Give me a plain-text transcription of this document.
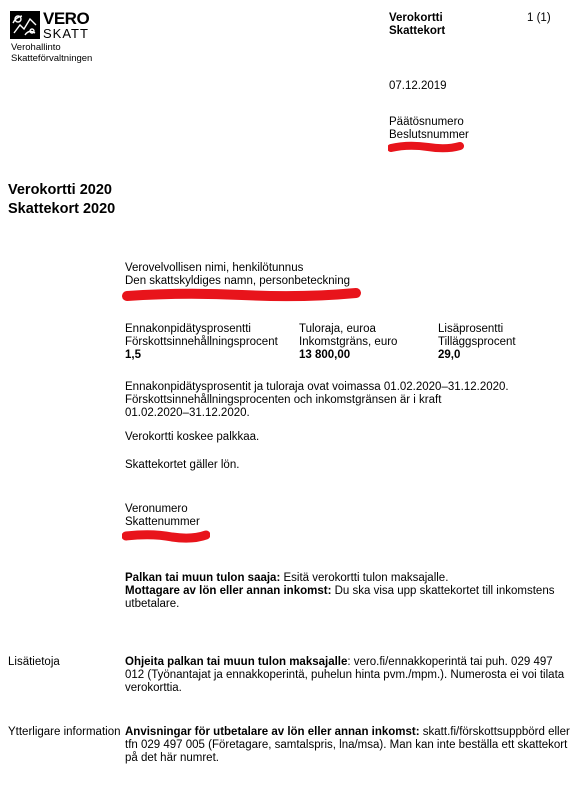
VERO
SKATT
Verohallinto
Skatteförvaltningen
Verokortti
Skattekort
1 (1)
07.12.2019
Päätösnumero
Beslutsnummer
Verokortti 2020
Skattekort 2020
Verovelvollisen nimi, henkilötunnus
Den skattskyldiges namn, personbeteckning
Ennakonpidätysprosentti
Förskottsinnehållningsprocent
1,5
Tuloraja, euroa
Inkomstgräns, euro
13 800,00
Lisäprosentti
Tilläggsprocent
29,0
Ennakonpidätysprosentit ja tuloraja ovat voimassa 01.02.2020–31.12.2020.
Förskottsinnehållningsprocenten och inkomstgränsen är i kraft
01.02.2020–31.12.2020.
Verokortti koskee palkkaa.
Skattekortet gäller lön.
Veronumero
Skattenummer
Palkan tai muun tulon saaja: Esitä verokortti tulon maksajalle.
Mottagare av lön eller annan inkomst: Du ska visa upp skattekortet till inkomstens utbetalare.
Lisätietoja	Ohjeita palkan tai muun tulon maksajalle: vero.fi/ennakkoperintä tai puh. 029 497 012 (Työnantajat ja ennakkoperintä, puhelun hinta pvm./mpm.). Numerosta ei voi tilata verokorttia.
Ytterligare information Anvisningar för utbetalare av lön eller annan inkomst: skatt.fi/förskottsuppbörd eller tfn 029 497 005 (Företagare, samtalspris, lna/msa). Man kan inte beställa ett skattekort på det här numret.
